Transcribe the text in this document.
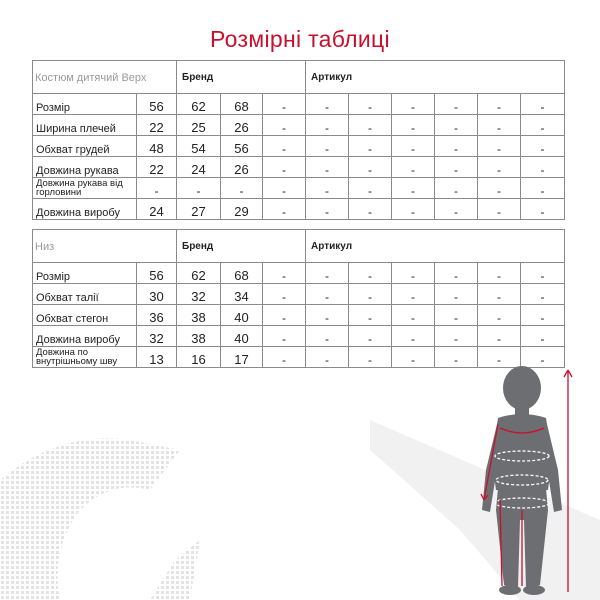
Розмірні таблиці
Костюм дитячий Верх		Бренд			Артикул					
Розмір	56	62	68	-	-	-	-	-	-	-
Ширина плечей	22	25	26	-	-	-	-	-	-	-
Обхват грудей	48	54	56	-	-	-	-	-	-	-
Довжина рукава	22	24	26	-	-	-	-	-	-	-
Довжина рукава від горловини	-	-	-	-	-	-	-	-	-	-
Довжина виробу	24	27	29	-	-	-	-	-	-	-
Низ		Бренд			Артикул					
Розмір	56	62	68	-	-	-	-	-	-	-
Обхват талії	30	32	34	-	-	-	-	-	-	-
Обхват стегон	36	38	40	-	-	-	-	-	-	-
Довжина виробу	32	38	40	-	-	-	-	-	-	-
Довжина по внутрішньому шву	13	16	17	-	-	-	-	-	-	-
